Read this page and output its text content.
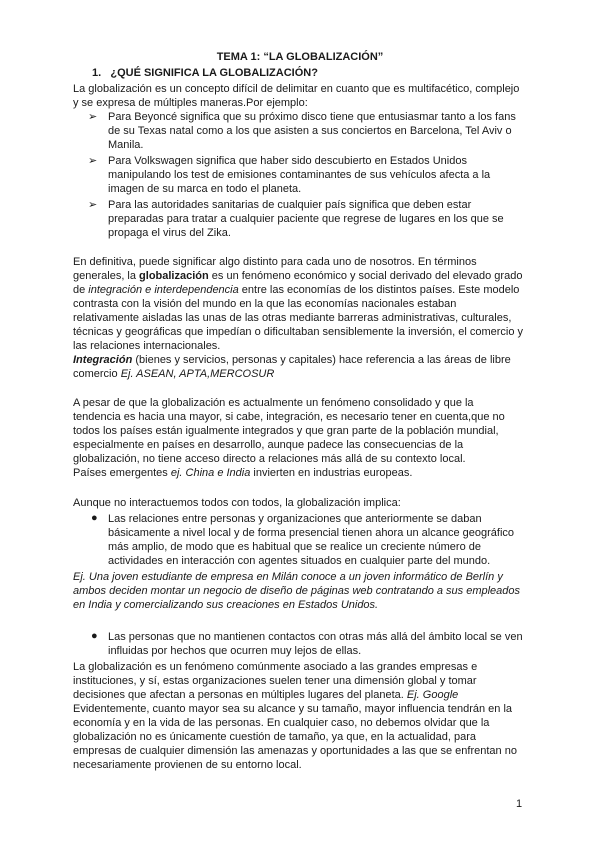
TEMA 1: “LA GLOBALIZACIÓN”
1. ¿QUÉ SIGNIFICA LA GLOBALIZACIÓN?
La globalización es un concepto difícil de delimitar en cuanto que es multifacético, complejo
y se expresa de múltiples maneras.Por ejemplo:
➢ Para Beyoncé significa que su próximo disco tiene que entusiasmar tanto a los fans
de su Texas natal como a los que asisten a sus conciertos en Barcelona, Tel Aviv o
Manila.
➢ Para Volkswagen significa que haber sido descubierto en Estados Unidos
manipulando los test de emisiones contaminantes de sus vehículos afecta a la
imagen de su marca en todo el planeta.
➢ Para las autoridades sanitarias de cualquier país significa que deben estar
preparadas para tratar a cualquier paciente que regrese de lugares en los que se
propaga el virus del Zika.
En definitiva, puede significar algo distinto para cada uno de nosotros. En términos
generales, la globalización es un fenómeno económico y social derivado del elevado grado
de integración e interdependencia entre las economías de los distintos países. Este modelo
contrasta con la visión del mundo en la que las economías nacionales estaban
relativamente aisladas las unas de las otras mediante barreras administrativas, culturales,
técnicas y geográficas que impedían o dificultaban sensiblemente la inversión, el comercio y
las relaciones internacionales.
Integración (bienes y servicios, personas y capitales) hace referencia a las áreas de libre
comercio Ej. ASEAN, APTA,MERCOSUR
A pesar de que la globalización es actualmente un fenómeno consolidado y que la
tendencia es hacia una mayor, si cabe, integración, es necesario tener en cuenta,que no
todos los países están igualmente integrados y que gran parte de la población mundial,
especialmente en países en desarrollo, aunque padece las consecuencias de la
globalización, no tiene acceso directo a relaciones más allá de su contexto local.
Países emergentes ej. China e India invierten en industrias europeas.
Aunque no interactuemos todos con todos, la globalización implica:
● Las relaciones entre personas y organizaciones que anteriormente se daban
básicamente a nivel local y de forma presencial tienen ahora un alcance geográfico
más amplio, de modo que es habitual que se realice un creciente número de
actividades en interacción con agentes situados en cualquier parte del mundo.
Ej. Una joven estudiante de empresa en Milán conoce a un joven informático de Berlín y
ambos deciden montar un negocio de diseño de páginas web contratando a sus empleados
en India y comercializando sus creaciones en Estados Unidos.
● Las personas que no mantienen contactos con otras más allá del ámbito local se ven
influidas por hechos que ocurren muy lejos de ellas.
La globalización es un fenómeno comúnmente asociado a las grandes empresas e
instituciones, y sí, estas organizaciones suelen tener una dimensión global y tomar
decisiones que afectan a personas en múltiples lugares del planeta. Ej. Google
Evidentemente, cuanto mayor sea su alcance y su tamaño, mayor influencia tendrán en la
economía y en la vida de las personas. En cualquier caso, no debemos olvidar que la
globalización no es únicamente cuestión de tamaño, ya que, en la actualidad, para
empresas de cualquier dimensión las amenazas y oportunidades a las que se enfrentan no
necesariamente provienen de su entorno local.
1
